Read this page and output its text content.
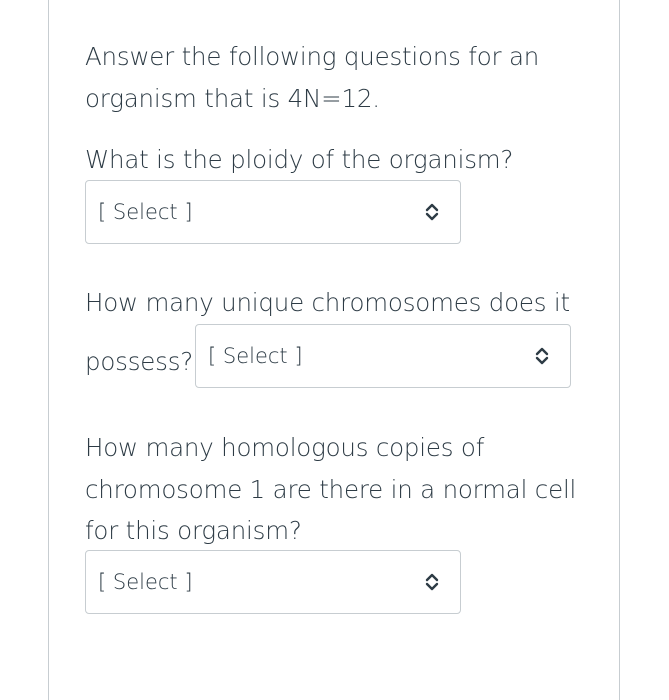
Answer the following questions for an
organism that is 4N=12.
What is the ploidy of the organism?
[ Select ]
How many unique chromosomes does it
possess? [ Select ]
How many homologous copies of
chromosome 1 are there in a normal cell
for this organism?
[ Select ]
